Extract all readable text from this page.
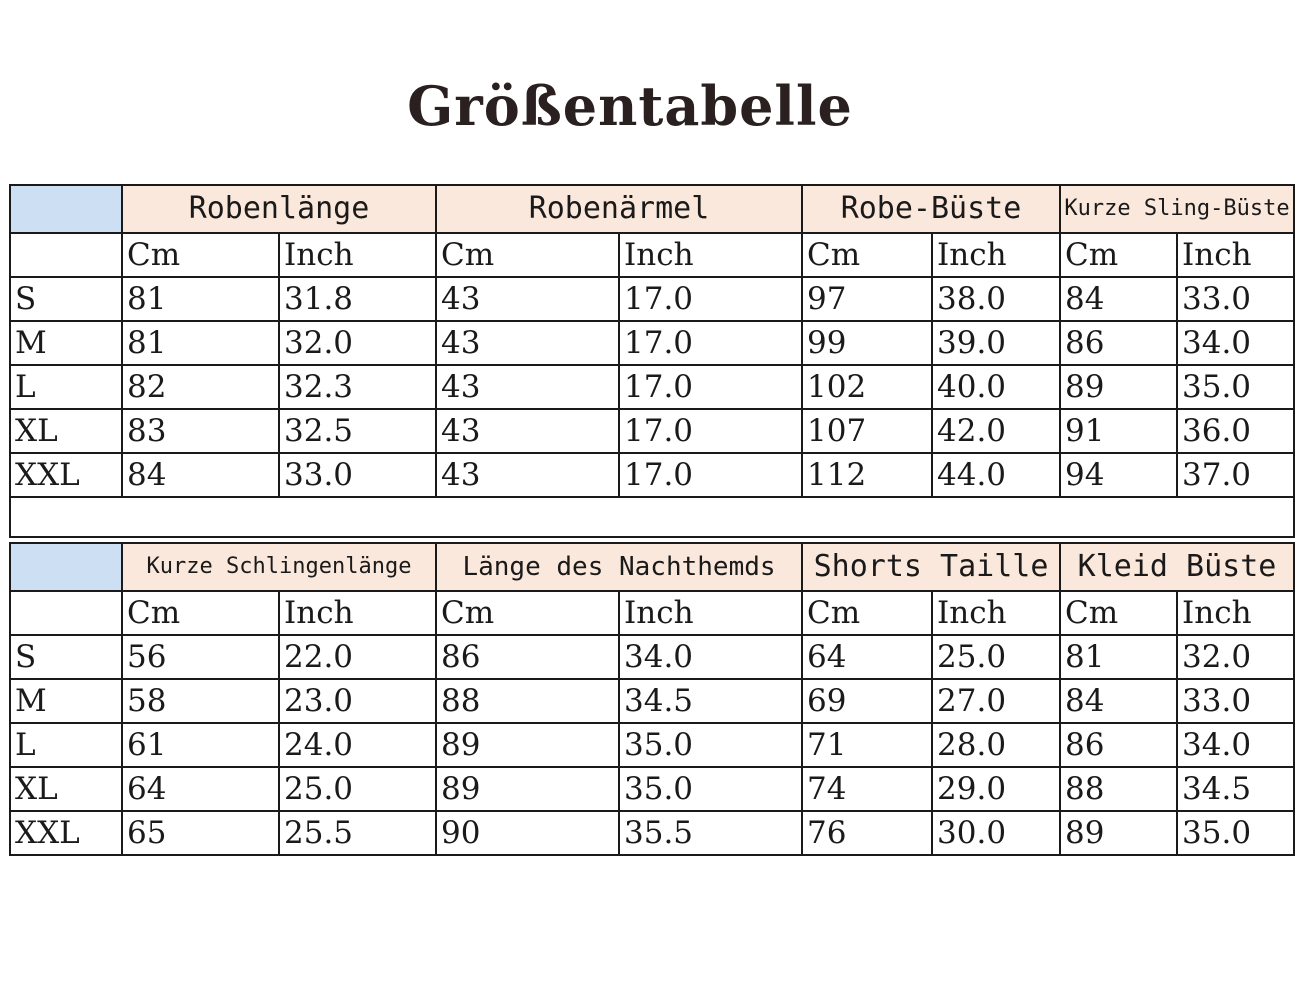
Größentabelle
	Robenlänge		Robenärmel		Robe-Büste		Kurze Sling-Büste	
	Cm	Inch	Cm	Inch	Cm	Inch	Cm	Inch
S	81	31.8	43	17.0	97	38.0	84	33.0
M	81	32.0	43	17.0	99	39.0	86	34.0
L	82	32.3	43	17.0	102	40.0	89	35.0
XL	83	32.5	43	17.0	107	42.0	91	36.0
XXL	84	33.0	43	17.0	112	44.0	94	37.0

	Kurze Schlingenlänge		Länge des Nachthemds		Shorts Taille		Kleid Büste	
	Cm	Inch	Cm	Inch	Cm	Inch	Cm	Inch
S	56	22.0	86	34.0	64	25.0	81	32.0
M	58	23.0	88	34.5	69	27.0	84	33.0
L	61	24.0	89	35.0	71	28.0	86	34.0
XL	64	25.0	89	35.0	74	29.0	88	34.5
XXL	65	25.5	90	35.5	76	30.0	89	35.0
